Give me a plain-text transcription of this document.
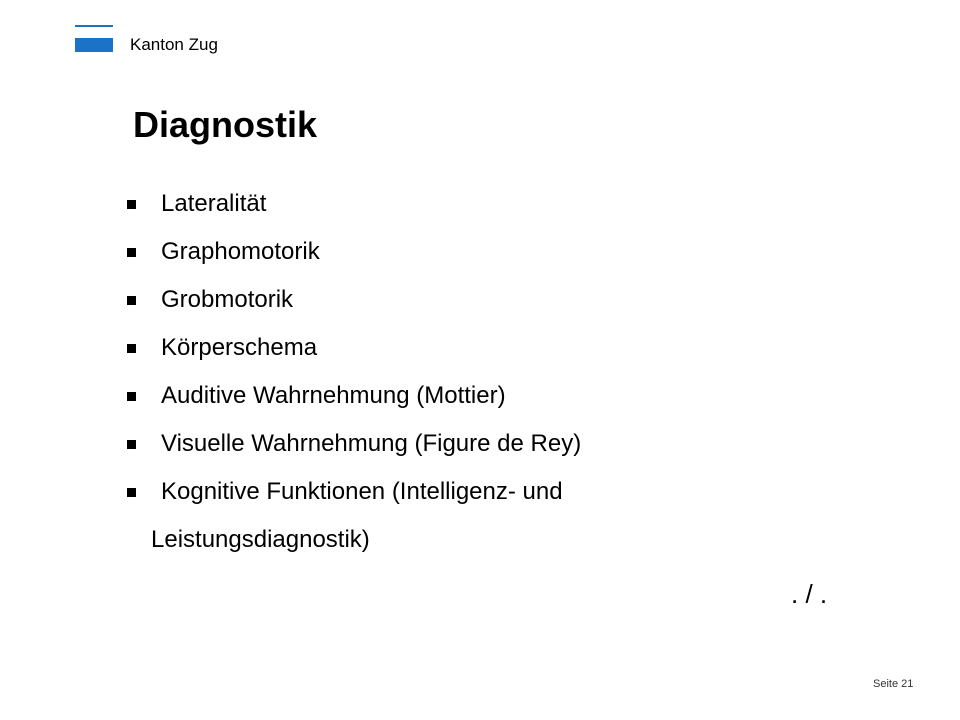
Kanton Zug
Diagnostik
Lateralität
Graphomotorik
Grobmotorik
Körperschema
Auditive Wahrnehmung (Mottier)
Visuelle Wahrnehmung (Figure de Rey)
Kognitive Funktionen (Intelligenz- und
Leistungsdiagnostik)
. / .
Seite 21
